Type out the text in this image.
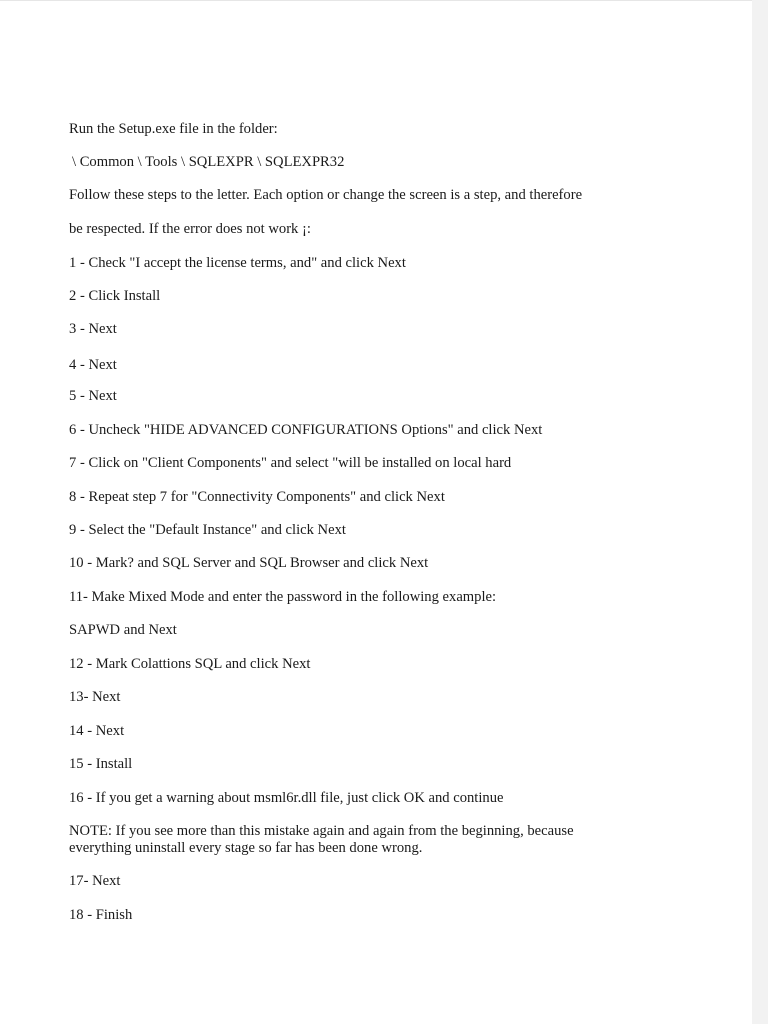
Run the Setup.exe file in the folder:

\ Common \ Tools \ SQLEXPR \ SQLEXPR32

Follow these steps to the letter. Each option or change the screen is a step, and therefore

be respected. If the error does not work ¡:

1 - Check "I accept the license terms, and" and click Next

2 - Click Install

3 - Next

4 - Next

5 - Next

6 - Uncheck "HIDE ADVANCED CONFIGURATIONS Options" and click Next

7 - Click on "Client Components" and select "will be installed on local hard

8 - Repeat step 7 for "Connectivity Components" and click Next

9 - Select the "Default Instance" and click Next

10 - Mark? and SQL Server and SQL Browser and click Next

11- Make Mixed Mode and enter the password in the following example:

SAPWD and Next

12 - Mark Colattions SQL and click Next

13- Next

14 - Next

15 - Install

16 - If you get a warning about msml6r.dll file, just click OK and continue

NOTE: If you see more than this mistake again and again from the beginning, because
everything uninstall every stage so far has been done wrong.

17- Next

18 - Finish
